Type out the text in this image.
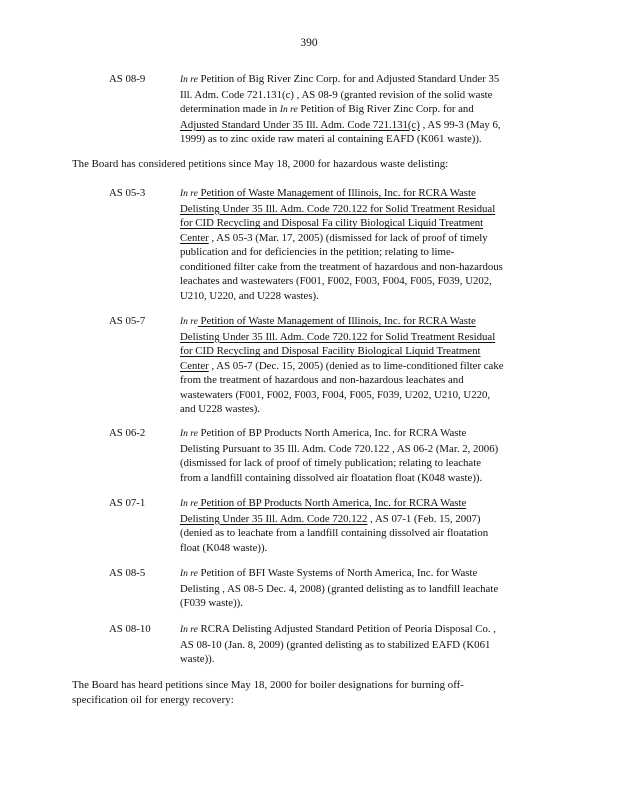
390
AS 08-9	In re Petition of Big River Zinc Corp. for and Adjusted Standard Under 35
Ill. Adm. Code 721.131(c) , AS 08-9 (granted revision of the solid waste
determination made in In re Petition of Big River Zinc Corp. for and
Adjusted Standard Under 35 Ill. Adm. Code 721.131(c) , AS 99-3 (May 6,
1999) as to zinc oxide raw materi al containing EAFD (K061 waste)).
The Board has considered petitions since May 18, 2000 for hazardous waste delisting:
AS 05-3	In re Petition of Waste Management of Illinois, Inc. for RCRA Waste
Delisting Under 35 Ill. Adm. Code 720.122 for Solid Treatment Residual
for CID Recycling and Disposal Fa cility Biological Liquid Treatment
Center , AS 05-3 (Mar. 17, 2005) (dismissed for lack of proof of timely
publication and for deficiencies in the petition; relating to lime-
conditioned filter cake from the treatment of hazardous and non-hazardous
leachates and wastewaters (F001, F002, F003, F004, F005, F039, U202,
U210, U220, and U228 wastes).
AS 05-7	In re Petition of Waste Management of Illinois, Inc. for RCRA Waste
Delisting Under 35 Ill. Adm. Code 720.122 for Solid Treatment Residual
for CID Recycling and Disposal Facility Biological Liquid Treatment
Center , AS 05-7 (Dec. 15, 2005) (denied as to lime-conditioned filter cake
from the treatment of hazardous and non-hazardous leachates and
wastewaters (F001, F002, F003, F004, F005, F039, U202, U210, U220,
and U228 wastes).
AS 06-2	In re Petition of BP Products North America, Inc. for RCRA Waste
Delisting Pursuant to 35 Ill. Adm. Code 720.122 , AS 06-2 (Mar. 2, 2006)
(dismissed for lack of proof of timely publication; relating to leachate
from a landfill containing dissolved air floatation float (K048 waste)).
AS 07-1	In re Petition of BP Products North America, Inc. for RCRA Waste
Delisting Under 35 Ill. Adm. Code 720.122 , AS 07-1 (Feb. 15, 2007)
(denied as to leachate from a landfill containing dissolved air floatation
float (K048 waste)).
AS 08-5	In re Petition of BFI Waste Systems of North America, Inc. for Waste
Delisting , AS 08-5 Dec. 4, 2008) (granted delisting as to landfill leachate
(F039 waste)).
AS 08-10	In re RCRA Delisting Adjusted Standard Petition of Peoria Disposal Co. ,
AS 08-10 (Jan. 8, 2009) (granted delisting as to stabilized EAFD (K061
waste)).
The Board has heard petitions since May 18, 2000 for boiler designations for burning off-
specification oil for energy recovery:
